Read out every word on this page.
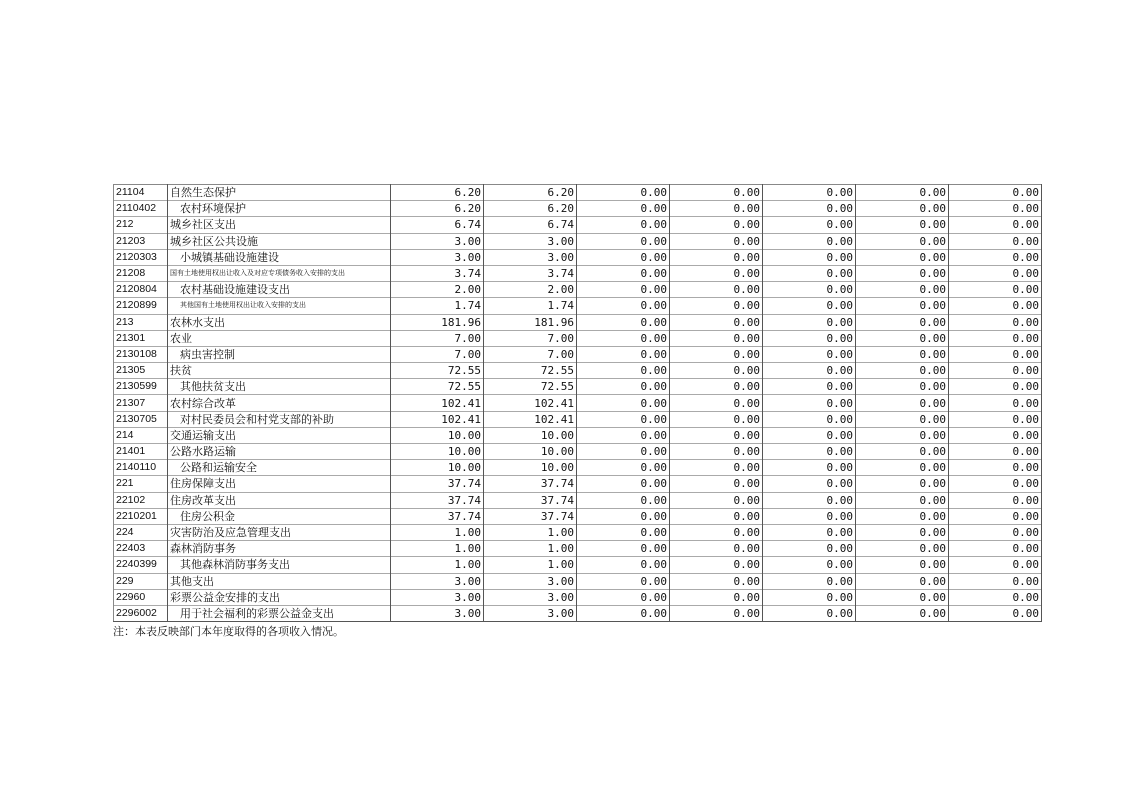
21104	自然生态保护	6.20	6.20	0.00	0.00	0.00	0.00	0.00
2110402	农村环境保护	6.20	6.20	0.00	0.00	0.00	0.00	0.00
212	城乡社区支出	6.74	6.74	0.00	0.00	0.00	0.00	0.00
21203	城乡社区公共设施	3.00	3.00	0.00	0.00	0.00	0.00	0.00
2120303	小城镇基础设施建设	3.00	3.00	0.00	0.00	0.00	0.00	0.00
21208	国有土地使用权出让收入及对应专项债务收入安排的支出	3.74	3.74	0.00	0.00	0.00	0.00	0.00
2120804	农村基础设施建设支出	2.00	2.00	0.00	0.00	0.00	0.00	0.00
2120899	其他国有土地使用权出让收入安排的支出	1.74	1.74	0.00	0.00	0.00	0.00	0.00
213	农林水支出	181.96	181.96	0.00	0.00	0.00	0.00	0.00
21301	农业	7.00	7.00	0.00	0.00	0.00	0.00	0.00
2130108	病虫害控制	7.00	7.00	0.00	0.00	0.00	0.00	0.00
21305	扶贫	72.55	72.55	0.00	0.00	0.00	0.00	0.00
2130599	其他扶贫支出	72.55	72.55	0.00	0.00	0.00	0.00	0.00
21307	农村综合改革	102.41	102.41	0.00	0.00	0.00	0.00	0.00
2130705	对村民委员会和村党支部的补助	102.41	102.41	0.00	0.00	0.00	0.00	0.00
214	交通运输支出	10.00	10.00	0.00	0.00	0.00	0.00	0.00
21401	公路水路运输	10.00	10.00	0.00	0.00	0.00	0.00	0.00
2140110	公路和运输安全	10.00	10.00	0.00	0.00	0.00	0.00	0.00
221	住房保障支出	37.74	37.74	0.00	0.00	0.00	0.00	0.00
22102	住房改革支出	37.74	37.74	0.00	0.00	0.00	0.00	0.00
2210201	住房公积金	37.74	37.74	0.00	0.00	0.00	0.00	0.00
224	灾害防治及应急管理支出	1.00	1.00	0.00	0.00	0.00	0.00	0.00
22403	森林消防事务	1.00	1.00	0.00	0.00	0.00	0.00	0.00
2240399	其他森林消防事务支出	1.00	1.00	0.00	0.00	0.00	0.00	0.00
229	其他支出	3.00	3.00	0.00	0.00	0.00	0.00	0.00
22960	彩票公益金安排的支出	3.00	3.00	0.00	0.00	0.00	0.00	0.00
2296002	用于社会福利的彩票公益金支出	3.00	3.00	0.00	0.00	0.00	0.00	0.00
注：本表反映部门本年度取得的各项收入情况。
